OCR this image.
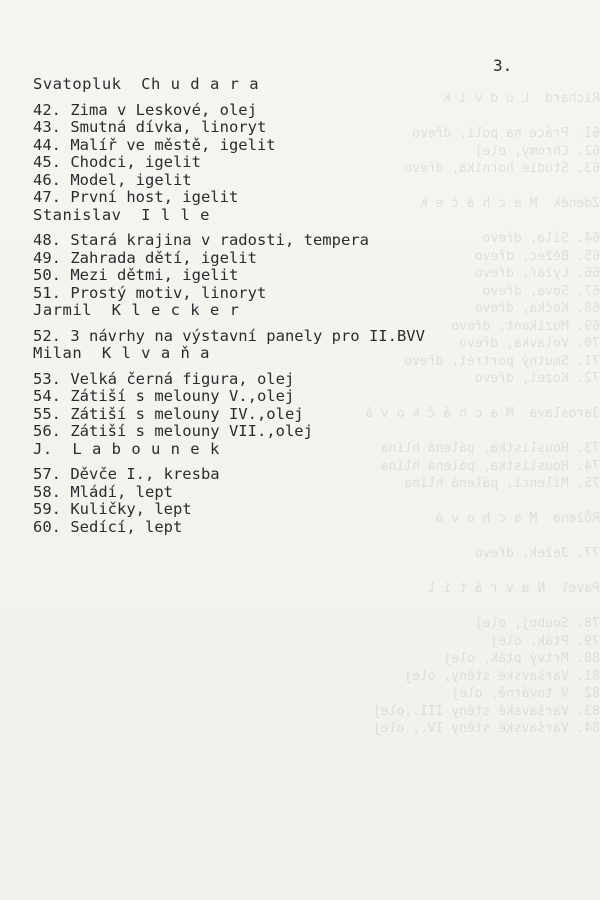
Richard  L u d v í k

61. Práce na poli, dřevo
62. Chromý, olej
63. Studie hornika, dřevo

Zdeněk  M a c h á č e k

64. Síla, dřevo
65. Běžec, dřevo
66. Lyžař, dřevo
67. Sova, dřevo
68. Kočka, dřevo
69. Muzikant, dřevo
70. Volavka, dřevo
71. Smutný portrét, dřevo
72. Kozel, dřevo

Jaroslava  M a c h á č k o v á

73. Houslistka, pálená hlína
74. Houslistka, pálená hlína
75. Milenci, pálená hlína

Růžena  M a c h o v á

77. Ježek, dřevo

Pavel  N a v r á t i l

78. Souboj, olej
79. Pták, olej
80. Mrtvý pták, olej
81. Varšavské stěny, olej
82. V továrně, olej
83. Varšavské stěny III.,olej
84. Varšavské stěny IV., olej
3.
Svatopluk  Ch u d a r a
42. Zima v Leskové, olej
43. Smutná dívka, linoryt
44. Malíř ve městě, igelit
45. Chodci, igelit
46. Model, igelit
47. První host, igelit
Stanislav  I l l e
48. Stará krajina v radosti, tempera
49. Zahrada dětí, igelit
50. Mezi dětmi, igelit
51. Prostý motiv, linoryt
Jarmil  K l e c k e r
52. 3 návrhy na výstavní panely pro II.BVV
Milan  K l v a ň a
53. Velká černá figura, olej
54. Zátiší s melouny V.,olej
55. Zátiší s melouny IV.,olej
56. Zátiší s melouny VII.,olej
J.  L a b o u n e k
57. Děvče I., kresba
58. Mládí, lept
59. Kuličky, lept
60. Sedící, lept
